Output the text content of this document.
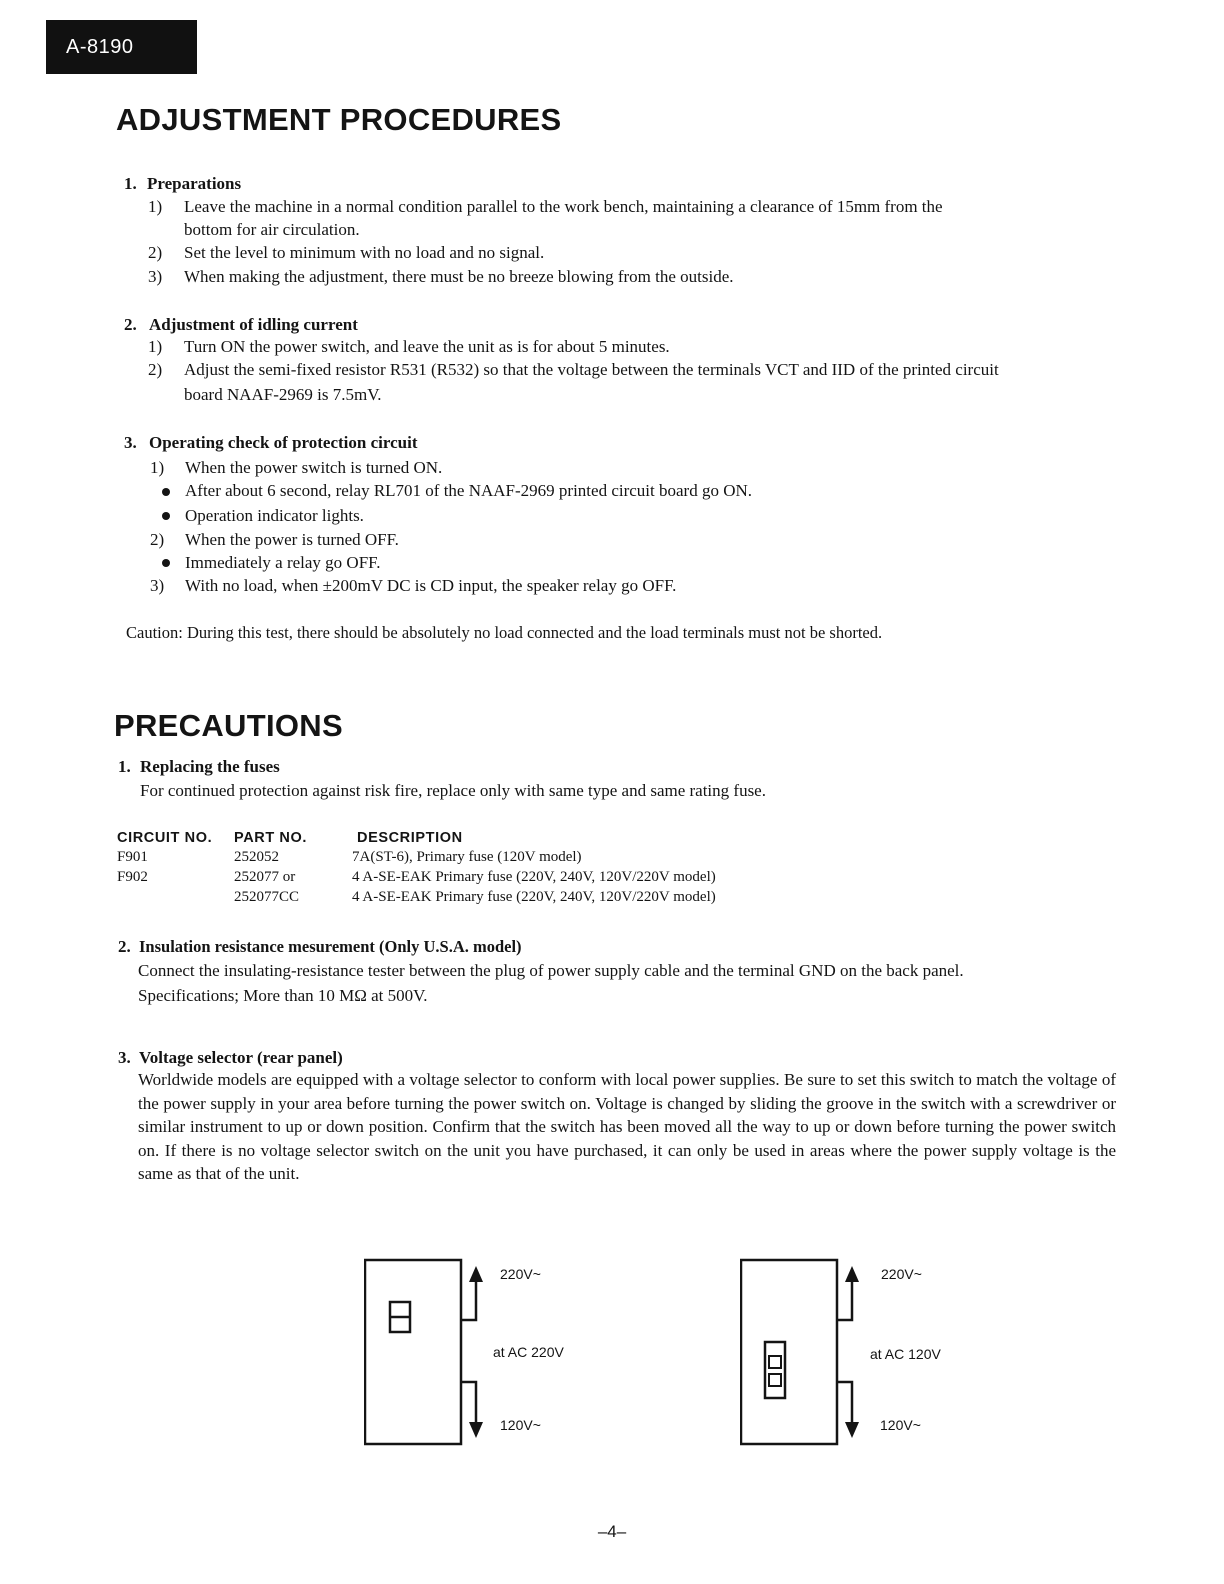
A-8190
ADJUSTMENT PROCEDURES
1. Preparations
1) Leave the machine in a normal condition parallel to the work bench, maintaining a clearance of 15mm from the
bottom for air circulation.
2) Set the level to minimum with no load and no signal.
3) When making the adjustment, there must be no breeze blowing from the outside.
2. Adjustment of idling current
1) Turn ON the power switch, and leave the unit as is for about 5 minutes.
2) Adjust the semi-fixed resistor R531 (R532) so that the voltage between the terminals VCT and IID of the printed circuit
board NAAF-2969 is 7.5mV.
3. Operating check of protection circuit
1) When the power switch is turned ON.
After about 6 second, relay RL701 of the NAAF-2969 printed circuit board go ON.
Operation indicator lights.
2) When the power is turned OFF.
Immediately a relay go OFF.
3) With no load, when ±200mV DC is CD input, the speaker relay go OFF.
Caution: During this test, there should be absolutely no load connected and the load terminals must not be shorted.
PRECAUTIONS
1. Replacing the fuses
For continued protection against risk fire, replace only with same type and same rating fuse.
CIRCUIT NO. PART NO.	DESCRIPTION
F901	252052	7A(ST-6), Primary fuse (120V model)
F902	252077 or	4 A-SE-EAK Primary fuse (220V, 240V, 120V/220V model)
252077CC	4 A-SE-EAK Primary fuse (220V, 240V, 120V/220V model)
2. Insulation resistance mesurement (Only U.S.A. model)
Connect the insulating-resistance tester between the plug of power supply cable and the terminal GND on the back panel.
Specifications; More than 10 MΩ at 500V.
3. Voltage selector (rear panel)

Worldwide models are equipped with a voltage selector to conform with local power supplies. Be sure to set this switch to match the voltage of the power supply in your area before turning the power switch on. Voltage is changed by sliding the groove in the switch with a screwdriver or similar instrument to up or down position. Confirm that the switch has been moved all the way to up or down before turning the power switch on. If there is no voltage selector switch on the unit you have purchased, it can only be used in areas where the power supply voltage is the same as that of the unit.

220V~
at AC 220V
120V~
220V~
at AC 120V
120V~
–4–
